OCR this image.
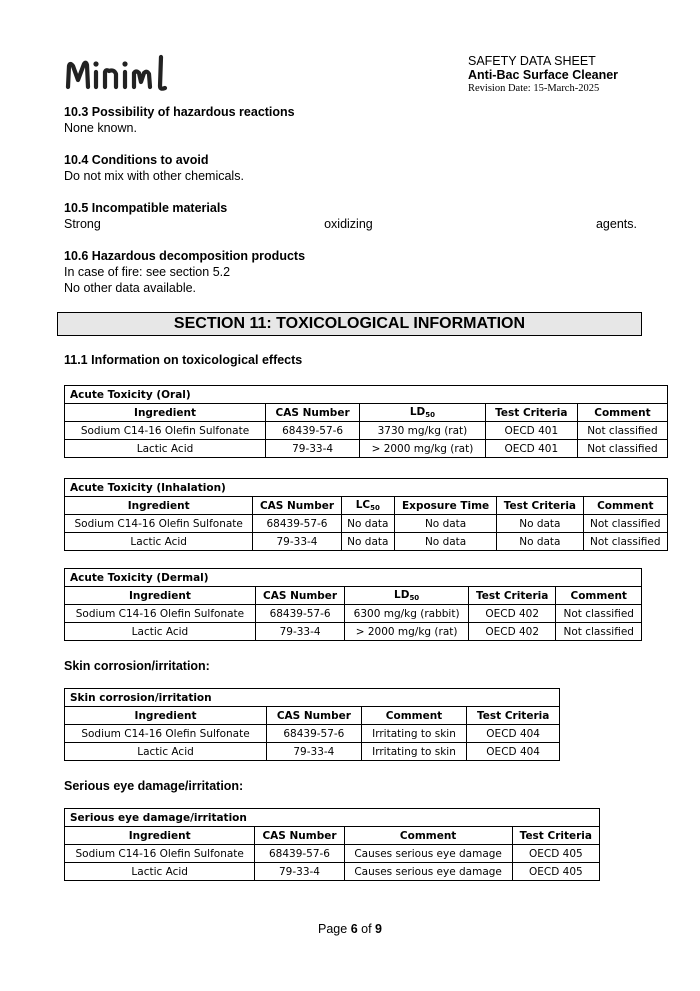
SAFETY DATA SHEET
Anti-Bac Surface Cleaner
Revision Date: 15-March-2025
10.3 Possibility of hazardous reactions
None known.
10.4 Conditions to avoid
Do not mix with other chemicals.
10.5 Incompatible materials
Strong	oxidizing	agents.
10.6 Hazardous decomposition products
In case of fire: see section 5.2
No other data available.
SECTION 11: TOXICOLOGICAL INFORMATION
11.1 Information on toxicological effects
Acute Toxicity (Oral)				
Ingredient	CAS Number	$LD_{50}$	Test Criteria	Comment
Sodium C14-16 Olefin Sulfonate	68439-57-6	3730 mg/kg (rat)	OECD 401	Not classified
Lactic Acid	79-33-4	> 2000 mg/kg (rat)	OECD 401	Not classified
Acute Toxicity (Inhalation)					
Ingredient	CAS Number	$LC_{50}$	Exposure Time	Test Criteria	Comment
Sodium C14-16 Olefin Sulfonate	68439-57-6	No data	No data	No data	Not classified
Lactic Acid	79-33-4	No data	No data	No data	Not classified
Acute Toxicity (Dermal)				
Ingredient	CAS Number	$LD_{50}$	Test Criteria	Comment
Sodium C14-16 Olefin Sulfonate	68439-57-6	6300 mg/kg (rabbit)	OECD 402	Not classified
Lactic Acid	79-33-4	> 2000 mg/kg (rat)	OECD 402	Not classified
Skin corrosion/irritation:
Skin corrosion/irritation			
Ingredient	CAS Number	Comment	Test Criteria
Sodium C14-16 Olefin Sulfonate	68439-57-6	Irritating to skin	OECD 404
Lactic Acid	79-33-4	Irritating to skin	OECD 404
Serious eye damage/irritation:
Serious eye damage/irritation			
Ingredient	CAS Number	Comment	Test Criteria
Sodium C14-16 Olefin Sulfonate	68439-57-6	Causes serious eye damage	OECD 405
Lactic Acid	79-33-4	Causes serious eye damage	OECD 405
Page 6 of 9
